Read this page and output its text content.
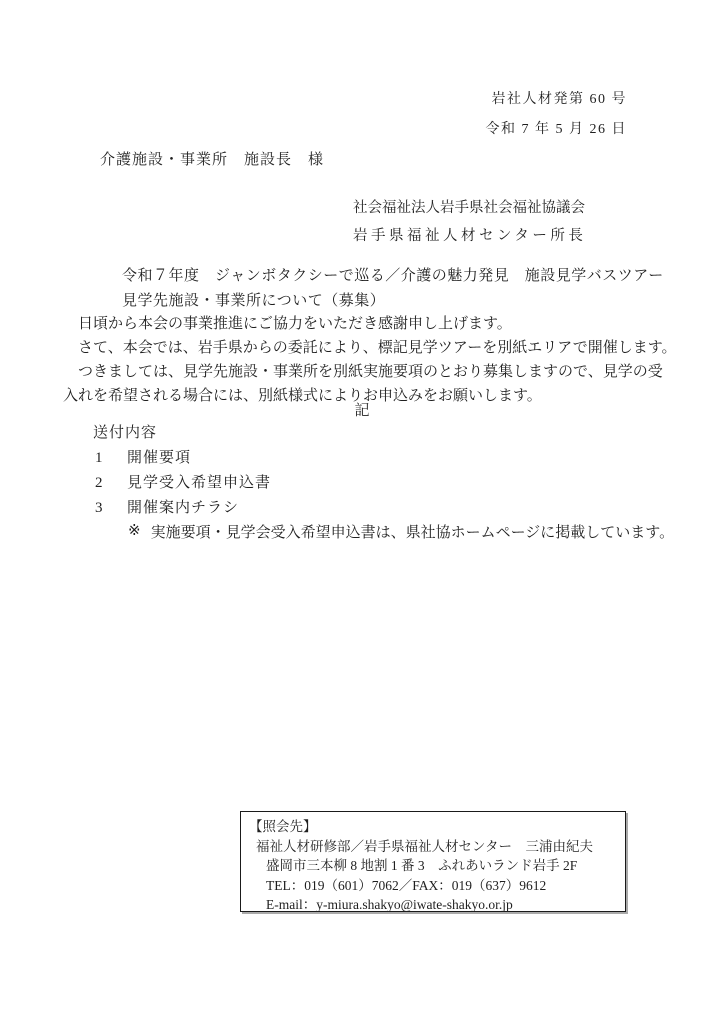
岩社人材発第 60 号
令和 7 年 5 月 26 日
介護施設・事業所　施設長　様
社会福祉法人岩手県社会福祉協議会
岩手県福祉人材センター所長
令和７年度　ジャンボタクシーで巡る／介護の魅力発見　施設見学バスツアー
見学先施設・事業所について（募集）
日頃から本会の事業推進にご協力をいただき感謝申し上げます。
さて、本会では、岩手県からの委託により、標記見学ツアーを別紙エリアで開催します。
つきましては、見学先施設・事業所を別紙実施要項のとおり募集しますので、見学の受
入れを希望される場合には、別紙様式によりお申込みをお願いします。
記
送付内容
1	開催要項
2	見学受入希望申込書
3	開催案内チラシ
※ 実施要項・見学会受入希望申込書は、県社協ホームページに掲載しています。
【照会先】
福祉人材研修部／岩手県福祉人材センター　三浦由紀夫
盛岡市三本柳 8 地割 1 番 3　ふれあいランド岩手 2F
TEL：019（601）7062／FAX：019（637）9612
E-mail：y-miura.shakyo@iwate-shakyo.or.jp
